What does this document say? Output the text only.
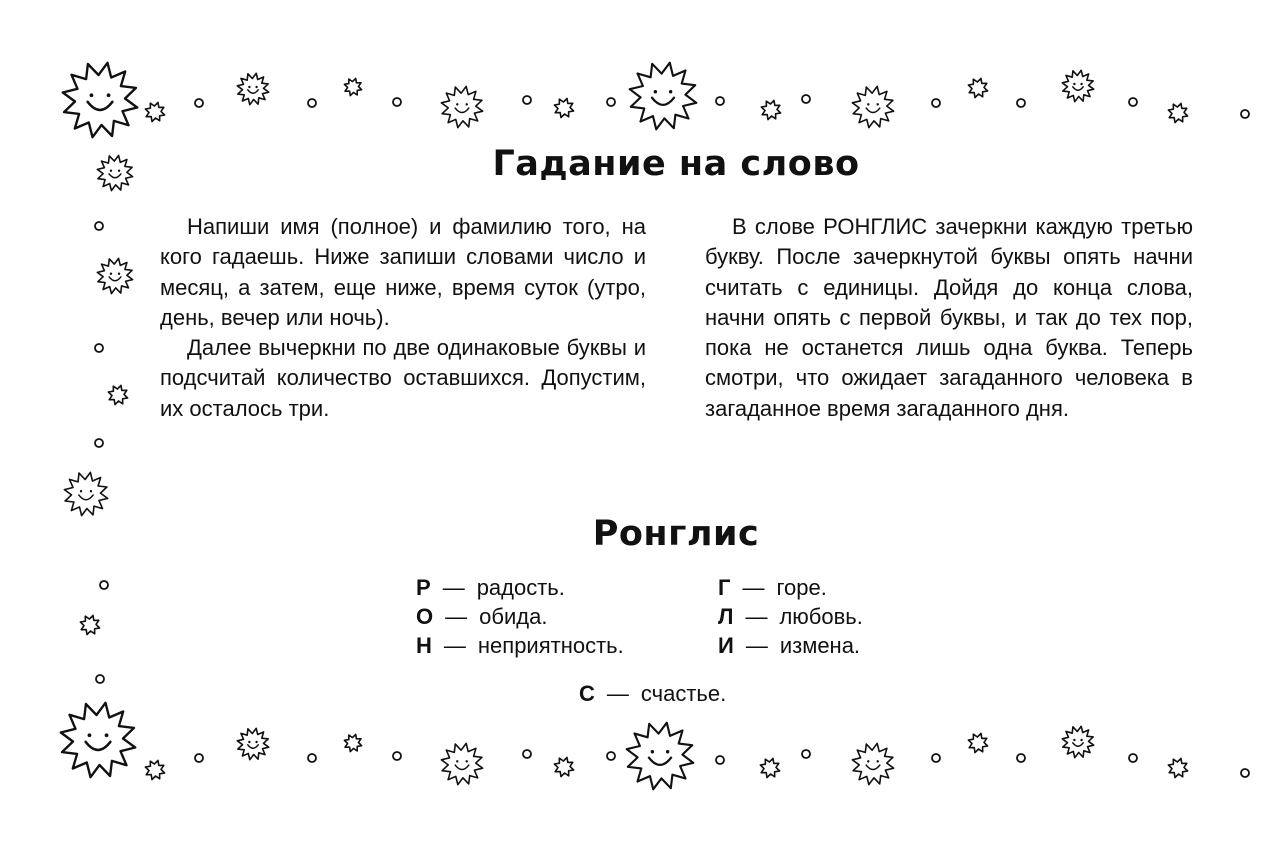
Гадание на слово

Напиши имя (полное) и фамилию того, на кого гадаешь. Ниже запиши словами число и месяц, а затем, еще ниже, время суток (утро, день, вечер или ночь).

Далее вычеркни по две одинаковые буквы и подсчитай количество оставшихся. Допустим, их осталось три.

В слове РОНГЛИС зачеркни каждую третью букву. После зачеркнутой буквы опять начни считать с единицы. Дойдя до конца слова, начни опять с первой буквы, и так до тех пор, пока не останется лишь одна буква. Теперь смотри, что ожидает загаданного человека в загаданное время загаданного дня.

Ронглис
Р — радость.
О — обида.
Н — неприятность.
Г — горе.
Л — любовь.
И — измена.
С — счастье.
